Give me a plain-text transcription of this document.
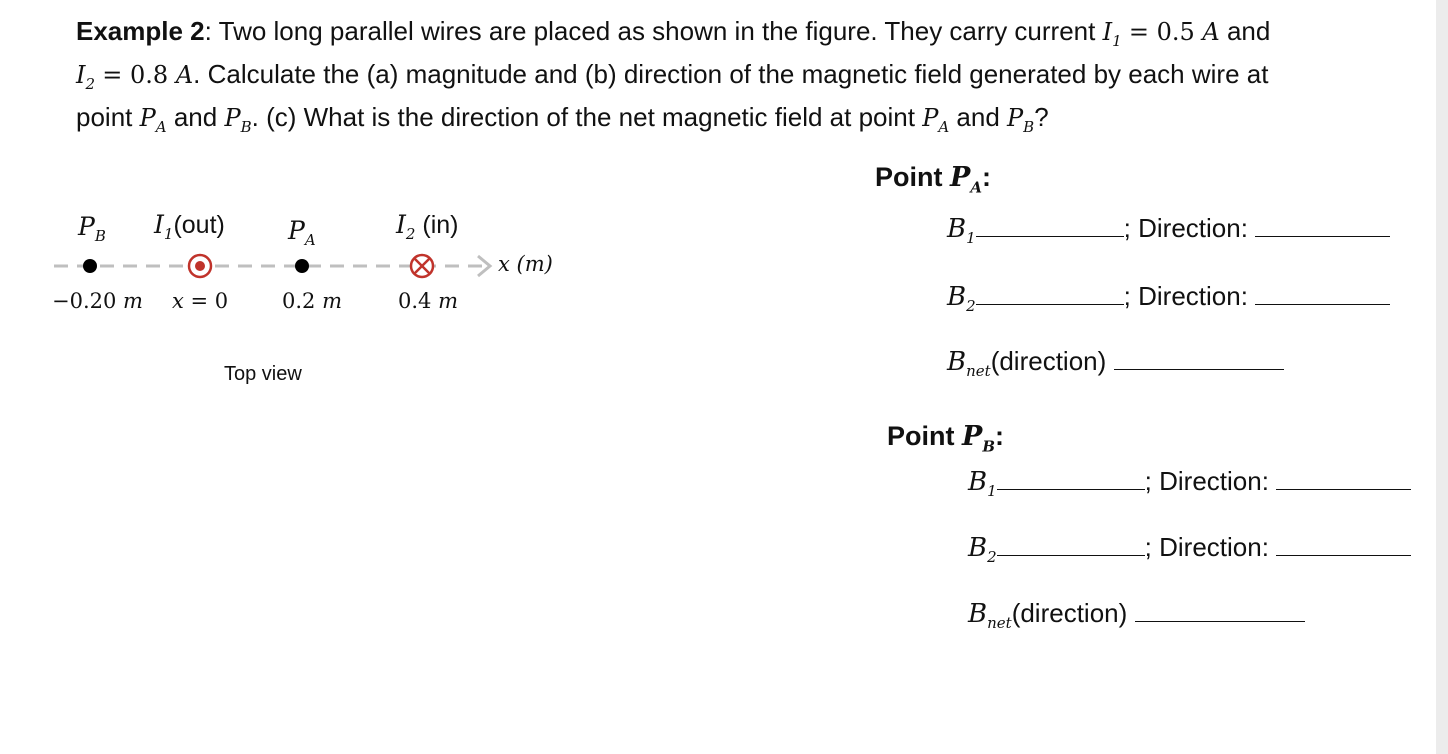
Example 2: Two long parallel wires are placed as shown in the figure. They carry current $I_1 = 0.5$ A and
$I_2 = 0.8$ A. Calculate the (a) magnitude and (b) direction of the magnetic field generated by each wire at
point $P_A$ and $P_B$. (c) What is the direction of the net magnetic field at point $P_A$ and $P_B$?
$P_B$ $I_1(out)$	$P_A$
$I_2$ (in)
x (m)
−0.20 m x = 0	0.2 m	0.4 m
Top view
Point $P_A$:
$B_1$	; Direction:
$B_2$	; Direction:
$B_{net}(direction)$
Point $P_B$:
$B_1$	; Direction:
$B_2$	; Direction:
$B_{net}(direction)$
